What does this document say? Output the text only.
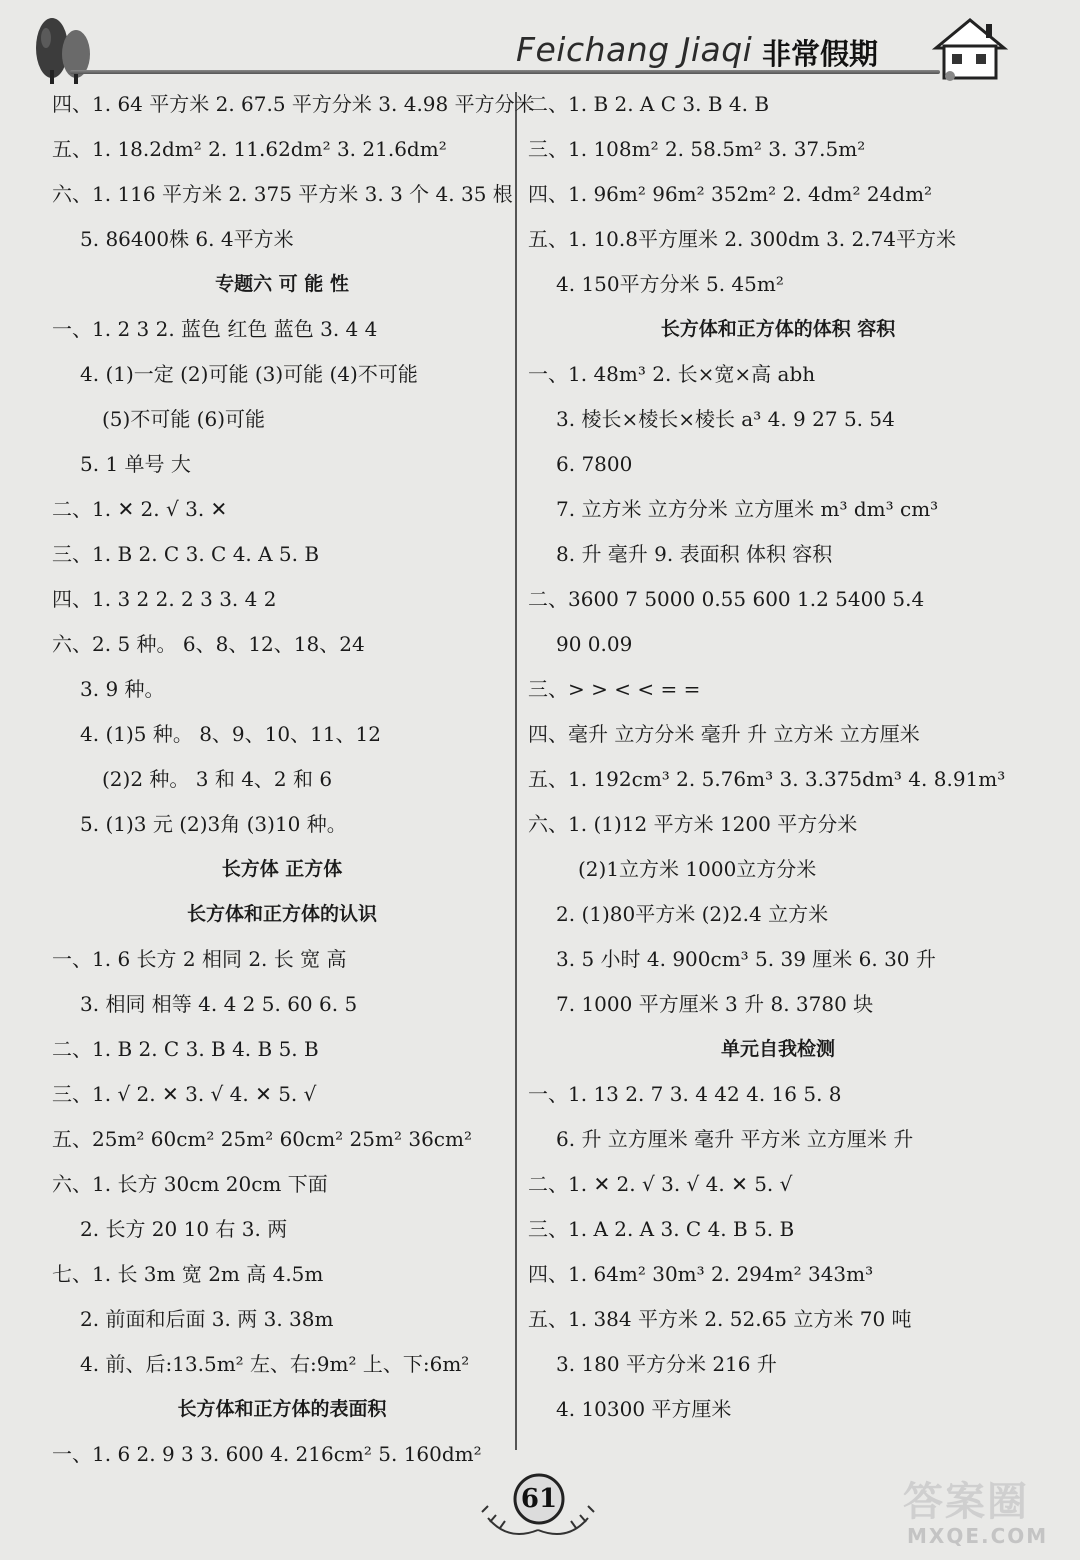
Feichang Jiaqi 非常假期
四、1. 64 平方米 2. 67.5 平方分米 3. 4.98 平方分米
五、1. 18.2dm² 2. 11.62dm² 3. 21.6dm²
六、1. 116 平方米 2. 375 平方米 3. 3 个 4. 35 根
5. 86400株 6. 4平方米
专题六 可 能 性
一、1. 2 3 2. 蓝色 红色 蓝色 3. 4 4
4. (1)一定 (2)可能 (3)可能 (4)不可能
(5)不可能 (6)可能
5. 1 单号 大
二、1. ✕ 2. √ 3. ✕
三、1. B 2. C 3. C 4. A 5. B
四、1. 3 2 2. 2 3 3. 4 2
六、2. 5 种。 6、8、12、18、24
3. 9 种。
4. (1)5 种。 8、9、10、11、12
(2)2 种。 3 和 4、2 和 6
5. (1)3 元 (2)3角 (3)10 种。
长方体 正方体
长方体和正方体的认识
一、1. 6 长方 2 相同 2. 长 宽 高
3. 相同 相等 4. 4 2 5. 60 6. 5
二、1. B 2. C 3. B 4. B 5. B
三、1. √ 2. ✕ 3. √ 4. ✕ 5. √
五、25m² 60cm² 25m² 60cm² 25m² 36cm²
六、1. 长方 30cm 20cm 下面
2. 长方 20 10 右 3. 两
七、1. 长 3m 宽 2m 高 4.5m
2. 前面和后面 3. 两 3. 38m
4. 前、后:13.5m² 左、右:9m² 上、下:6m²
长方体和正方体的表面积
一、1. 6 2. 9 3 3. 600 4. 216cm² 5. 160dm²
二、1. B 2. A C 3. B 4. B
三、1. 108m² 2. 58.5m² 3. 37.5m²
四、1. 96m² 96m² 352m² 2. 4dm² 24dm²
五、1. 10.8平方厘米 2. 300dm 3. 2.74平方米
4. 150平方分米 5. 45m²
长方体和正方体的体积 容积
一、1. 48m³ 2. 长×宽×高 abh
3. 棱长×棱长×棱长 a³ 4. 9 27 5. 54
6. 7800
7. 立方米 立方分米 立方厘米 m³ dm³ cm³
8. 升 毫升 9. 表面积 体积 容积
二、3600 7 5000 0.55 600 1.2 5400 5.4
90 0.09
三、> > < < = =
四、毫升 立方分米 毫升 升 立方米 立方厘米
五、1. 192cm³ 2. 5.76m³ 3. 3.375dm³ 4. 8.91m³
六、1. (1)12 平方米 1200 平方分米
(2)1立方米 1000立方分米
2. (1)80平方米 (2)2.4 立方米
3. 5 小时 4. 900cm³ 5. 39 厘米 6. 30 升
7. 1000 平方厘米 3 升 8. 3780 块
单元自我检测
一、1. 13 2. 7 3. 4 42 4. 16 5. 8
6. 升 立方厘米 毫升 平方米 立方厘米 升
二、1. ✕ 2. √ 3. √ 4. ✕ 5. √
三、1. A 2. A 3. C 4. B 5. B
四、1. 64m² 30m³ 2. 294m² 343m³
五、1. 384 平方米 2. 52.65 立方米 70 吨
3. 180 平方分米 216 升
4. 10300 平方厘米
61	答案圈
MXQE.COM
